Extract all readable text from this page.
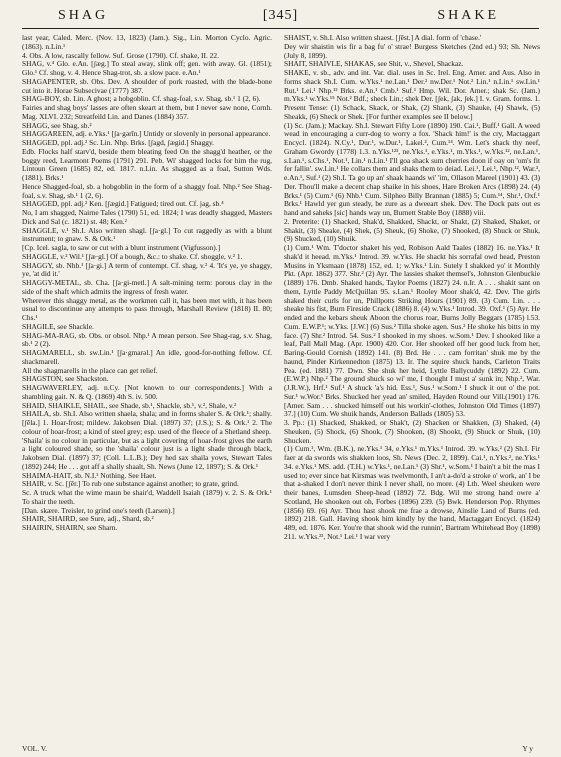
SHAG	[345]	SHAKE

last year, Caled. Merc. (Nov. 13, 1823) (Jam.). Sig., Lin. Morton Cyclo. Agric. (1863). n.Lin.¹

4. Obs. A low, rascally fellow. Suf. Grose (1790). Cf. shake, II. 22.

SHAG, v.⁴ Glo. e.An. [ʃæg.] To steal away, slink off; gen. with away. Gl. (1851); Glo.¹ Cf. shog, v. 4. Hence Shag-trot, sb. a slow pace. e.An.¹

SHAGAPENTER, sb. Obs. Dev. A shoulder of pork roasted, with the blade-bone cut into it. Horae Subsecivae (1777) 387.

SHAG-BOY, sb. Lin. A ghost; a hobgoblin. Cf. shag-foal, s.v. Shag, sb.¹ 1 (2, 6).

Fairies and shag boys' lasses are often skeart at them, but I never saw none, Cornh. Mag. XLVI. 232; Streatfeild Lin. and Danes (1884) 357.

SHAGG, see Shag, sb.²

SHAGGAREEN, adj. e.Yks.¹ [ʃa·gərīn.] Untidy or slovenly in personal appearance.

SHAGGED, ppl. adj.² Sc. Lin. Nhp. Brks. [ʃagd, ʃægid.] Shaggy.

Edb. Flocks half starv'd, beside them bleating feed On the shagg'd heather, or the boggy reed, Learmont Poems (1791) 291. Peb. Wi' shagged locks for him the rug, Lintoun Green (1685) 82, ed. 1817. n.Lin. As shagged as a foal, Sutton Wds. (1881). Brks.¹

Hence Shagged-foal, sb. a hobgoblin in the form of a shaggy foal. Nhp.² See Shag-foal, s.v. Shag, sb.¹ 1 (2, 6).

SHAGGED, ppl. adj.² Ken. [ʃægid.] Fatigued; tired out. Cf. jag, sb.⁴

No, I am shagged, Nairne Tales (1790) 51, ed. 1824; I was deadly shagged, Masters Dick and Sal (c. 1821) st. 48; Ken.²

SHAGGLE, v.¹ Sh.I. Also written shagl. [ʃa·gl.] To cut raggedly as with a blunt instrument; to gnaw. S. & Ork.¹

[Cp. Icel. sagla, to saw or cut with a blunt instrument (Vigfusson).]

SHAGGLE, v.² Wil.¹ [ʃæ·gl.] Of a bough, &c.: to shake. Cf. shoggle, v.² 1.

SHAGGY, sb. Nhb.¹ [ʃa·gi.] A term of contempt. Cf. shag, v.² 4. 'It's ye, ye shaggy, ye, 'at did it.'

SHAGGY-METAL, sb. Cha. [ʃa·gi-metl.] A salt-mining term: porous clay in the side of the shaft which admits the ingress of fresh water.

Wherever this shaggy metal, as the workmen call it, has been met with, it has been usual to discontinue any attempts to pass through, Marshall Review (1818) II. 80; Chs.¹

SHAGILE, see Shackle.

SHAG-MA-RAG, sb. Obs. or obsol. Nhp.¹ A mean person. See Shag-rag, s.v. Shag, sb.¹ 2 (2).

SHAGMARELL, sb. sw.Lin.¹ [ʃa·gmarəl.] An idle, good-for-nothing fellow. Cf. shackmarell.

All the shagmarells in the place can get relief.

SHAGSTON, see Shackston.

SHAGWAVERLEY, adj. n.Cy. [Not known to our correspondents.] With a shambling gait. N. & Q. (1869) 4th S. iv. 500.

SHAID, SHAIKLE, SHAIL, see Shade, sb.¹, Shackle, sb.¹, v.², Shale, v.²

SHAILA, sb. Sh.I. Also written shaela, shala; and in forms shaler S. & Ork.¹; shally. [ʃēla.] 1. Hoar-frost; mildew. Jakobsen Dial. (1897) 37; (J.S.); S. & Ork.¹ 2. The colour of hoar-frost; a kind of steel grey; esp. used of the fleece of a Shetland sheep.

'Shaila' is no colour in particular, but as a light covering of hoar-frost gives the earth a light coloured shade, so the 'shaila' colour just is a light shade through black, Jakobsen Dial. (1897) 37; (Coll. L.L.B.); Dey hed sax shaila yows, Stewart Tales (1892) 244; He . . . got aff a shally shaalt, Sh. News (June 12, 1897); S. & Ork.¹

SHAIMA-HAIT, sb. N.I.¹ Nothing. See Haet.

SHAIR, v. Sc. [ʃēr.] To rub one substance against another; to grate, grind.

Sc. A truck what the wime maun be shair'd, Waddell Isaiah (1879) v. 2. S. & Ork.¹ To shair the teeth.

[Dan. skære. Treisler, to grind one's teeth (Larsen).]

SHAIR, SHAIRD, see Sure, adj., Shard, sb.²

SHAIRIN, SHAIRN, see Sharn.

SHAIST, v. Sh.I. Also written shaest. [ʃēst.] A dial. form of 'chase.'

Dey wir shaistin wis fir a bag fu' o' strae! Burgess Sketches (2nd ed.) 93; Sh. News (July 8, 1899).

SHAIT, SHAIVLE, SHAKAS, see Shit, v., Shevel, Shackaz.

SHAKE, v. sb., adv. and int. Var. dial. uses in Sc. Irel. Eng. Amer. and Aus. Also in forms shack Sh.I. Cum. w.Yks.¹ ne.Lan.¹ Der.² nw.Der.¹ Not.² Lin.¹ n.Lin.¹ sw.Lin.¹ Rut.¹ Lei.¹ Nhp.¹² Brks. e.An.¹ Cmb.¹ Suf.¹ Hmp. Wil. Dor. Amer.; shak Sc. (Jam.) m.Yks.¹ w.Yks.¹⁵ Not.² Bdf.; sheck Lin.; shek Der. [ʃek, ʃak, ʃek.] I. v. Gram. forms. 1. Present Tense: (1) Schack, Skack, or Shak, (2) Shank, (3) Shauke, (4) Shawk, (5) Sheakk, (6) Sheck or Shek. [For further examples see II below.]

(1) Sc. (Jam.); Mackay. Sh.I. Stewart Fifty Lore (1890) 190. Cai.¹, Buff.¹ Gall. A weed wead in encouraging a curr-dog to worry a fox. 'Shack him!' is the cry, Mactaggart Encycl. (1824). N.Cy.¹, Dur.¹, w.Dur.¹, Lakel.², Cum.¹⁴. Wm. Let's shack thy neef, Graham Gwordy (1778) 1.3. n.Yks.¹²³, ne.Yks.¹, e.Yks.¹, m.Yks.¹, w.Yks.¹², ne.Lan.¹, s.Lan.¹, s.Chs.¹, Not.¹, Lin.¹ n.Lin.¹ I'll goa shack sum cherries doon if oay on 'om's fit fer fallin'. sw.Lin.¹ He collars them and shaks them to deiad. Lei.¹, Lei.¹, Nhp.¹², War.³, e.An.¹, Suf.¹ (2) Sh.I. Ta go up an' shaak haands wi' 'im, Ollason Mareel (1901) 43. (3) Der. Thou'll make a decent chap shaike in his shoes, Hare Broken Arcs (1898) 24. (4) Brks.¹ (5) Cum.¹ (6) Nhb.¹ Cum. Silpheo Billy Brannan (1885) 5; Cum.¹⁴, Shr.¹, Oxf.¹ Brks.¹ Hawld yer gun steady, be zure as a dweeart shek. Dev. The Dock pats out es hand and saheks [sic] hands way un, Burnett Stable Boy (1888) viii.

2. Preterite: (1) Shacked, Shak'd, Shakked, Shackt, or Shakt, (2) Shaked, Shaket, or Shakit, (3) Sheake, (4) Shek, (5) Sheuk, (6) Shoke, (7) Shooked, (8) Shuck or Shuk, (9) Shucked, (10) Shuik.

(1) Cum.¹ Wm. T'doctor shaket his yed, Robison Aald Taales (1882) 16. ne.Yks.¹ It shak'd it heead. m.Yks.¹ Introd. 39. w.Yks. He shackt his sorrafal owd head, Preston Musins in Yksmaan (1878) 152, ed. 1; w.Yks.¹ Lin. Sutely I shakked yo' it Monthly Pkt. (Apr. 1862) 377. Shr.² (2) Ayr. The lassies shaket themsel's, Johnston Glenbuckie (1889) 176. Dmb. Shaked hands, Taylor Poems (1827) 24. n.Ir. A . . . shakit sant on them, Lyttle Paddy McQuillan 95. s.Lan.¹ Rooley Moor shak'd, 42. Dev. The girls shaked their curls for un, Phillpotts Striking Hours (1901) 89. (3) Cum. Lin. . . . sheake his fist, Burn Fireside Crack (1886) 8. (4) w.Yks.¹ Introd. 39. Oxf.¹ (5) Ayr. He ended and the kebars sheuk Aboon the chorus roar, Burns Jolly Beggars (1785) l.53. Cum. E.W.P.¹; w.Yks. [J.W.] (6) Sus.² Tilla shoke agen. Sus.² He shoke his bitts in my face. (7) Shr.² Introd. 54. Sus.² I shooked in my shoes. w.Som.¹ Dev. I shooked like a leaf, Pall Mall Mag. (Apr. 1900) 420. Cor. Her shooked off her good luck from her, Baring-Gould Cornish (1892) 141. (8) Brd. He . . . cam forritan' shuk me by the haund, Pinder Kirkennedton (1875) 13. Ir. The squire shuck hands, Carleton Traits Pea. (ed. 1881) 77. Dwn. She shuk her heid, Lyttle Ballycuddy (1892) 22. Cum. (E.W.P.) Nhp.² The ground shuck so wi' me, I thought I must a' sunk in; Nhp.², War. (J.R.W.), Hrf.¹ Suf.¹ A shuck 'a's hid. Ess.¹, Sus.¹ w.Som.¹ I shuck it out o' the pot. Sur.¹ w.Wor.¹ Brks. Shucked her yead an' smiled, Hayden Round our Vill.(1901) 176. [Amer. Sam . . . shucked himself out his workin'-clothes, Johnston Old Times (1897) 37.] (10) Cum. We shuik hands, Anderson Ballads (1805) 53.

3. Pp.: (1) Shacked, Shakked, or Shak't, (2) Shacken or Shakken, (3) Shaked, (4) Sheuken, (5) Shock, (6) Shook, (7) Shooken, (8) Shookt, (9) Shuck or Shuk, (10) Shucken.

(1) Cum.¹, Wm. (B.K.), ne.Yks.¹ 34, e.Yks.¹ m.Yks.¹ Introd. 39. w.Yks.² (2) Sh.I. Fir faer at da swords wis shakken loos, Sh. News (Dec. 2, 1899). Cai.¹, n.Yks.², ne.Yks.¹ 34. e.Yks.¹ MS. add. (T.H.) w.Yks.¹, ne.Lan.¹ (3) Shr.¹, w.Som.¹ I bain't a bit the mas I used to; ever since hat Kirsmas was twelvmonth, I an't a-do'd a stroke o' work, an' I be that a-shaked I don't never think I never shall, no more. (4) Lth. Weel sheuken were their banes, Lumsden Sheep-head (1892) 72. Bdg. Wil me strong hand owre a' Scotland, He shooken out oh, Forbes (1896) 239. (5) Bwk. Henderson Pop. Rhymes (1856) 69. (6) Ayr. Thou hast shook me frae a drowse, Ainslie Land of Burns (ed. 1892) 218. Gall. Having shook him kindly by the hand, Mactaggart Encycl. (1824) 489, ed. 1876. Ker. You're that shook wid the runnin', Bartram Whitehead Boy (1898) 211. w.Yks.²³, Not.¹ Lei.¹ I war very

VOL. V.	Y y
